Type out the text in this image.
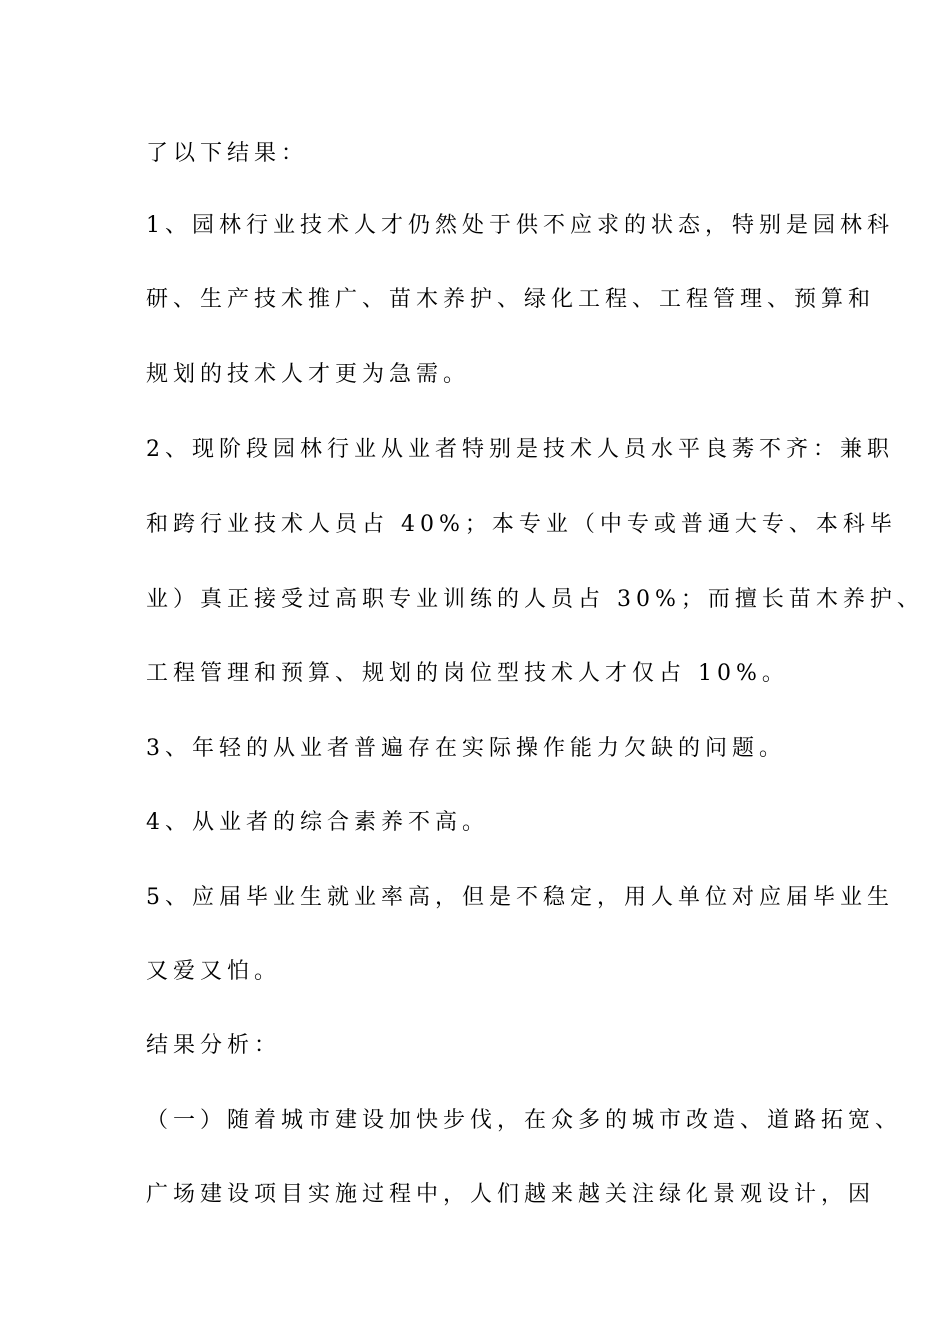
了以下结果：
1、园林行业技术人才仍然处于供不应求的状态，特别是园林科
研、生产技术推广、苗木养护、绿化工程、工程管理、预算和
规划的技术人才更为急需。
2、现阶段园林行业从业者特别是技术人员水平良莠不齐：兼职
和跨行业技术人员占 40%；本专业（中专或普通大专、本科毕
业）真正接受过高职专业训练的人员占 30%；而擅长苗木养护、
工程管理和预算、规划的岗位型技术人才仅占 10%。
3、年轻的从业者普遍存在实际操作能力欠缺的问题。
4、从业者的综合素养不高。
5、应届毕业生就业率高，但是不稳定，用人单位对应届毕业生
又爱又怕。
结果分析：
（一）随着城市建设加快步伐，在众多的城市改造、道路拓宽、
广场建设项目实施过程中，人们越来越关注绿化景观设计，因
